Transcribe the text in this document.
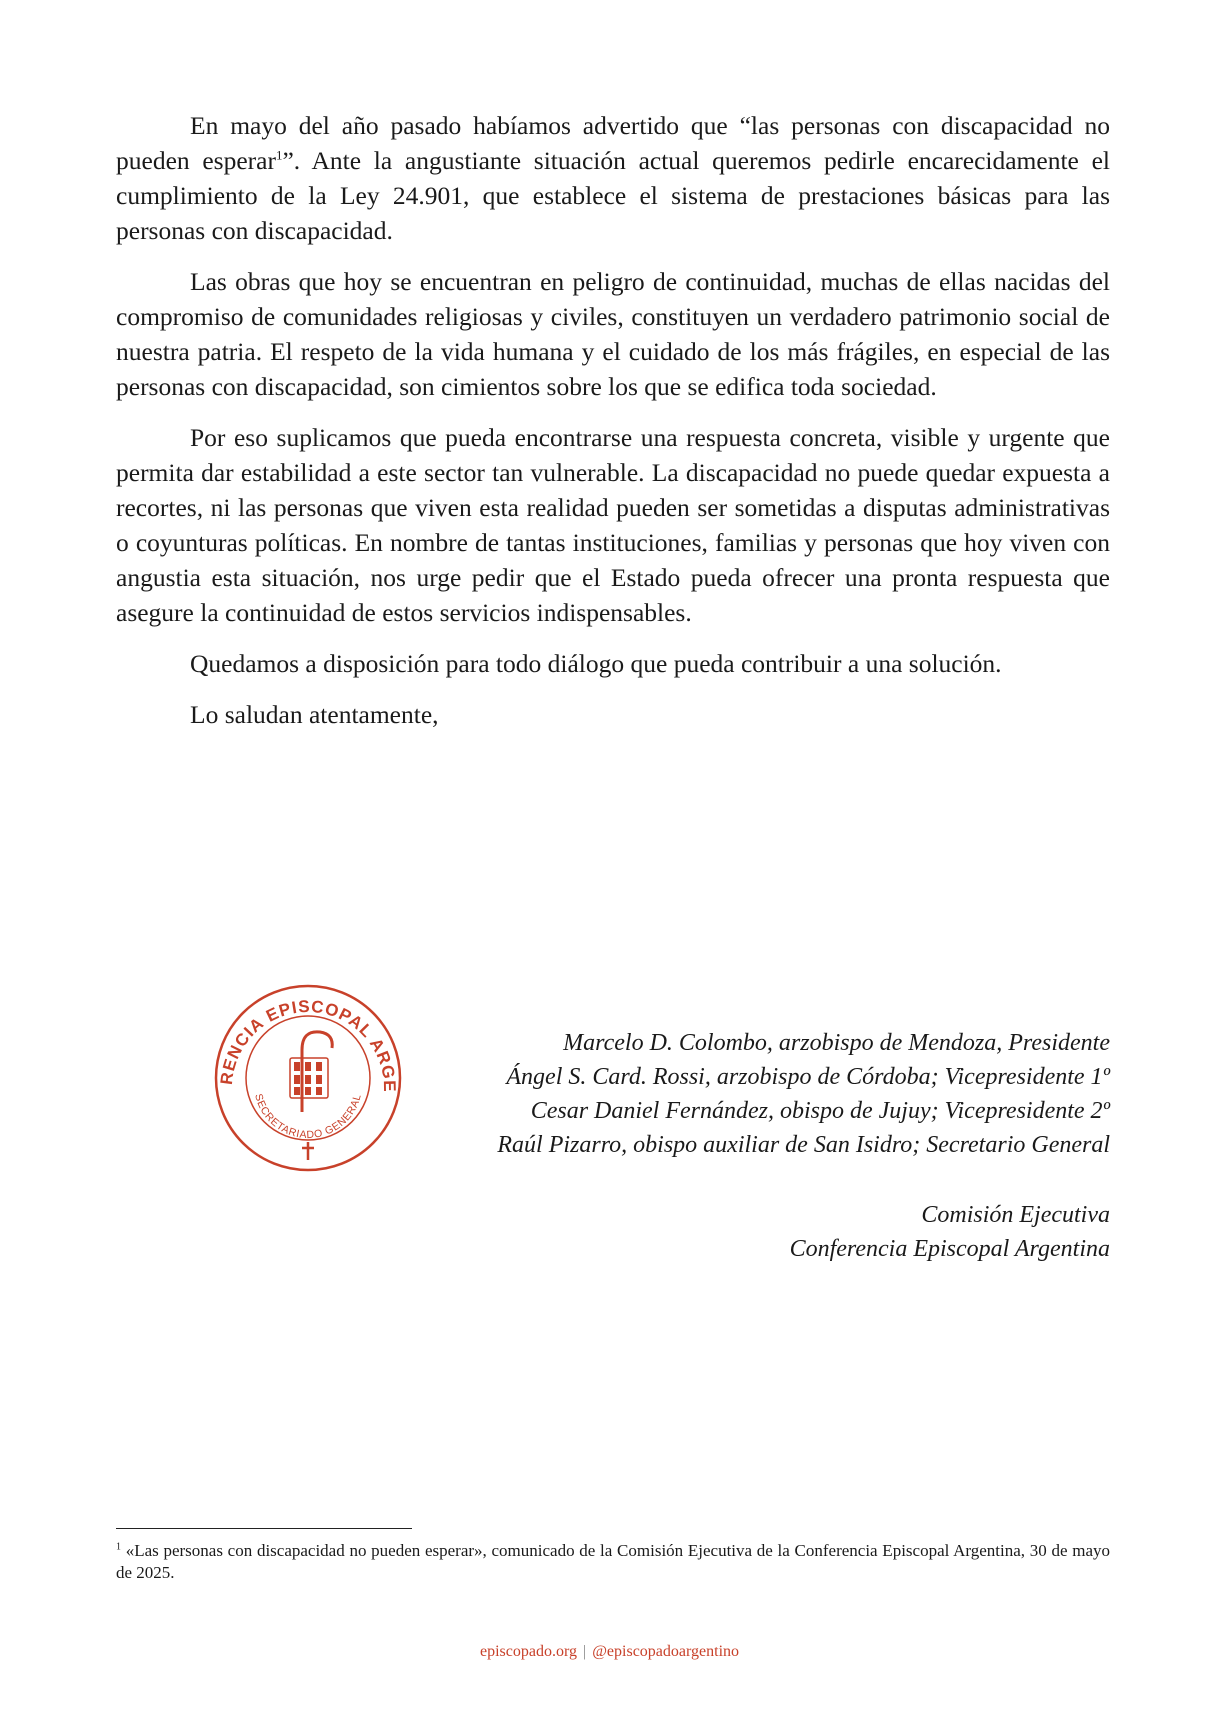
En mayo del año pasado habíamos advertido que “las personas con discapacidad no pueden esperar$^1$”. Ante la angustiante situación actual queremos pedirle encarecidamente el cumplimiento de la Ley 24.901, que establece el sistema de prestaciones básicas para las personas con discapacidad.

Las obras que hoy se encuentran en peligro de continuidad, muchas de ellas nacidas del compromiso de comunidades religiosas y civiles, constituyen un verdadero patrimonio social de nuestra patria. El respeto de la vida humana y el cuidado de los más frágiles, en especial de las personas con discapacidad, son cimientos sobre los que se edifica toda sociedad.

Por eso suplicamos que pueda encontrarse una respuesta concreta, visible y urgente que permita dar estabilidad a este sector tan vulnerable. La discapacidad no puede quedar expuesta a recortes, ni las personas que viven esta realidad pueden ser sometidas a disputas administrativas o coyunturas políticas. En nombre de tantas instituciones, familias y personas que hoy viven con angustia esta situación, nos urge pedir que el Estado pueda ofrecer una pronta respuesta que asegure la continuidad de estos servicios indispensables.

Quedamos a disposición para todo diálogo que pueda contribuir a una solución.

Lo saludan atentamente,

RENCIA EPISCOPAL ARGE
SECRETARIADO GENERAL
Marcelo D. Colombo, arzobispo de Mendoza, Presidente
Ángel S. Card. Rossi, arzobispo de Córdoba; Vicepresidente 1º
Cesar Daniel Fernández, obispo de Jujuy; Vicepresidente 2º
Raúl Pizarro, obispo auxiliar de San Isidro; Secretario General
Comisión Ejecutiva
Conferencia Episcopal Argentina
$^1$ «Las personas con discapacidad no pueden esperar», comunicado de la Comisión Ejecutiva de la Conferencia Episcopal Argentina, 30 de mayo de 2025.
episcopado.org | @episcopadoargentino
